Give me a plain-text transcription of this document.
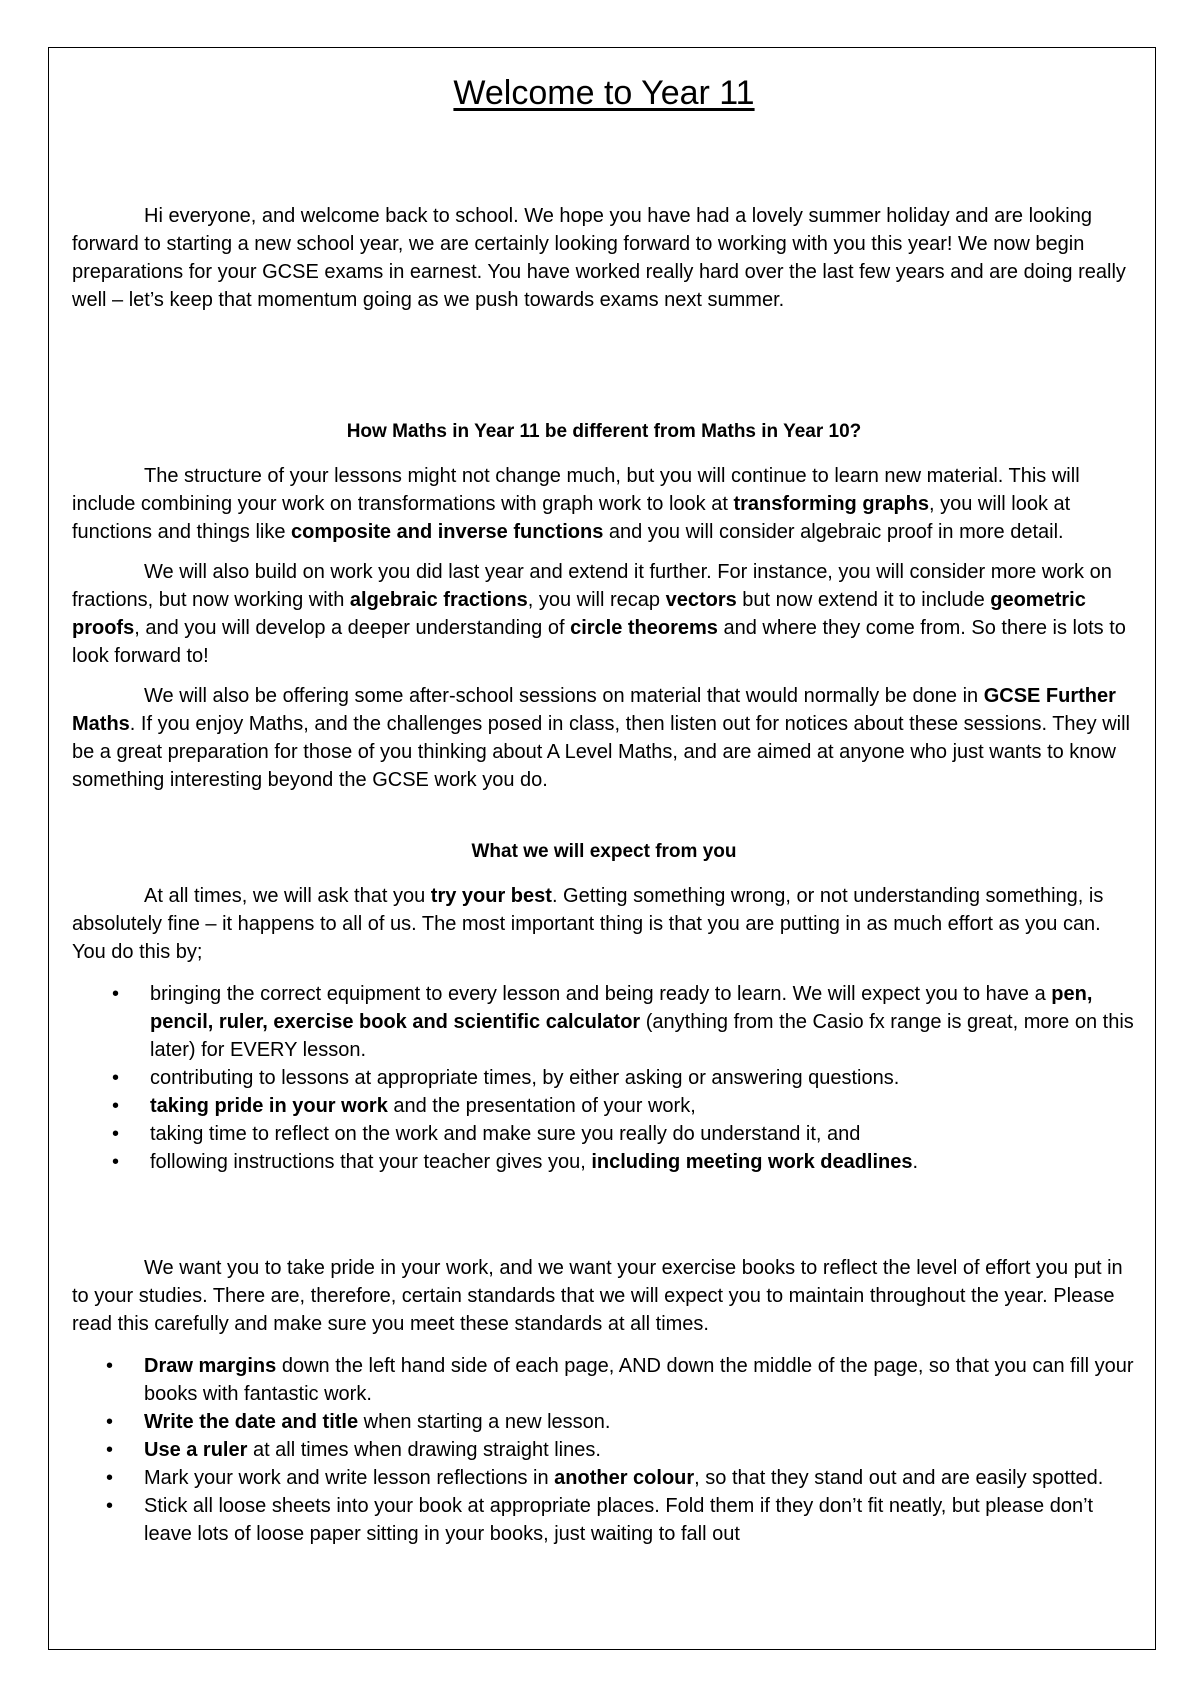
Welcome to Year 11

Hi everyone, and welcome back to school. We hope you have had a lovely summer holiday and are looking forward to starting a new school year, we are certainly looking forward to working with you this year! We now begin preparations for your GCSE exams in earnest. You have worked really hard over the last few years and are doing really well – let’s keep that momentum going as we push towards exams next summer.

How Maths in Year 11 be different from Maths in Year 10?

The structure of your lessons might not change much, but you will continue to learn new material. This will include combining your work on transformations with graph work to look at transforming graphs, you will look at functions and things like composite and inverse functions and you will consider algebraic proof in more detail.

We will also build on work you did last year and extend it further. For instance, you will consider more work on fractions, but now working with algebraic fractions, you will recap vectors but now extend it to include geometric proofs, and you will develop a deeper understanding of circle theorems and where they come from. So there is lots to look forward to!

We will also be offering some after-school sessions on material that would normally be done in GCSE Further Maths. If you enjoy Maths, and the challenges posed in class, then listen out for notices about these sessions. They will be a great preparation for those of you thinking about A Level Maths, and are aimed at anyone who just wants to know something interesting beyond the GCSE work you do.

What we will expect from you

At all times, we will ask that you try your best. Getting something wrong, or not understanding something, is absolutely fine – it happens to all of us. The most important thing is that you are putting in as much effort as you can. You do this by;

• bringing the correct equipment to every lesson and being ready to learn. We will expect you to have a pen, pencil, ruler, exercise book and scientific calculator (anything from the Casio fx range is great, more on this later) for EVERY lesson.
• contributing to lessons at appropriate times, by either asking or answering questions.
• taking pride in your work and the presentation of your work,
• taking time to reflect on the work and make sure you really do understand it, and
• following instructions that your teacher gives you, including meeting work deadlines.

We want you to take pride in your work, and we want your exercise books to reflect the level of effort you put in to your studies. There are, therefore, certain standards that we will expect you to maintain throughout the year. Please read this carefully and make sure you meet these standards at all times.

• Draw margins down the left hand side of each page, AND down the middle of the page, so that you can fill your books with fantastic work.
• Write the date and title when starting a new lesson.
• Use a ruler at all times when drawing straight lines.
• Mark your work and write lesson reflections in another colour, so that they stand out and are easily spotted.
• Stick all loose sheets into your book at appropriate places. Fold them if they don’t fit neatly, but please don’t leave lots of loose paper sitting in your books, just waiting to fall out
